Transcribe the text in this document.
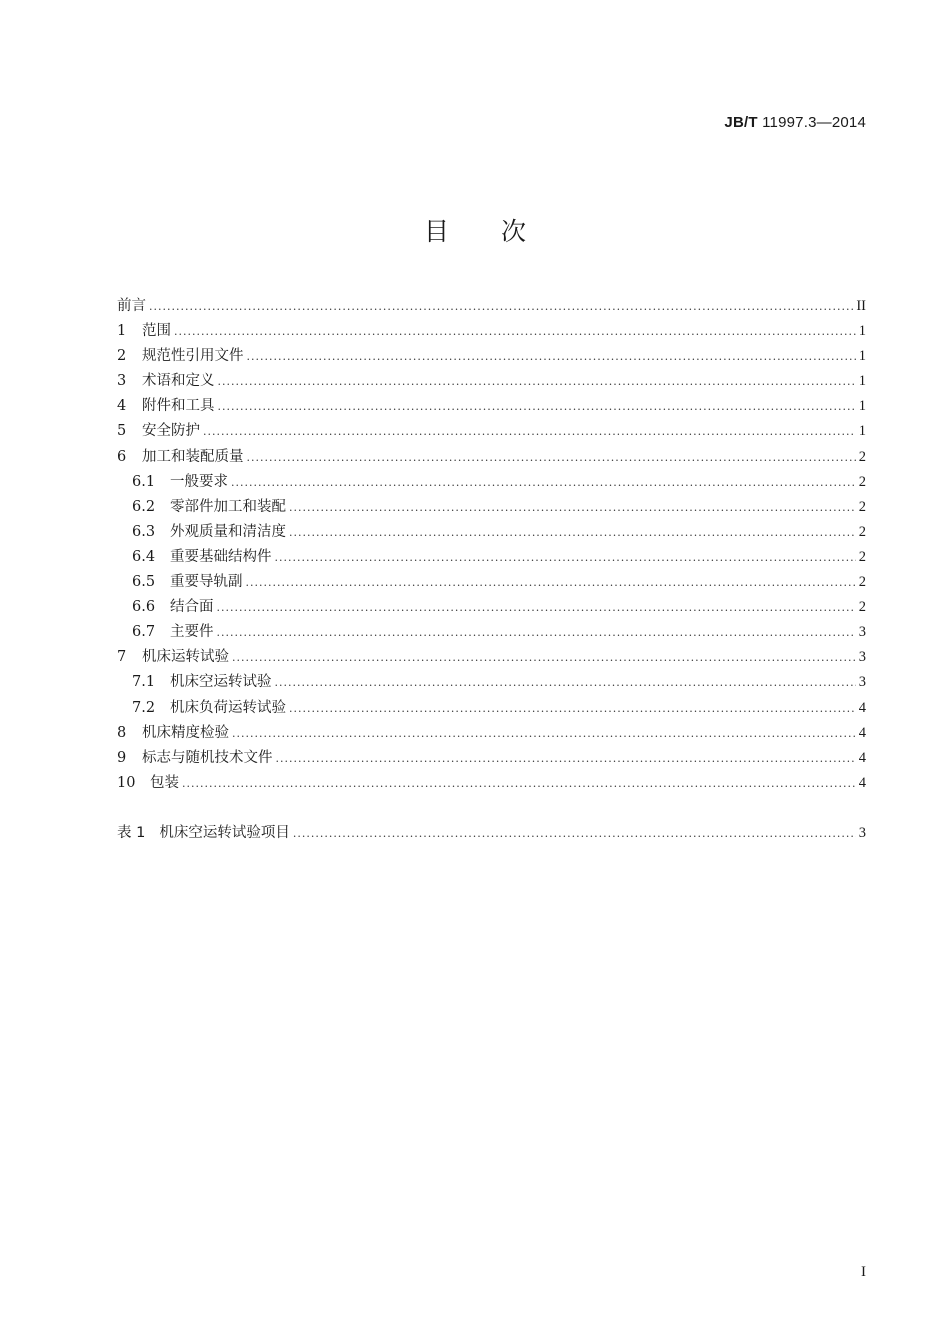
JB/T 11997.3—2014
目次
前言 .....	II
1	范围 .....	1
2	规范性引用文件 .....	1
3	术语和定义 .....	1
4	附件和工具 .....	1
5	安全防护 .....	1
6	加工和装配质量 .....	2
6.1	一般要求 .....	2
6.2	零部件加工和装配 .....	2
6.3	外观质量和清洁度 .....	2
6.4	重要基础结构件 .....	2
6.5	重要导轨副 .....	2
6.6	结合面 .....	2
6.7	主要件 .....	3
7	机床运转试验 .....	3
7.1	机床空运转试验 .....	3
7.2	机床负荷运转试验 .....	4
8	机床精度检验 .....	4
9	标志与随机技术文件 .....	4
10	包装 .....	4
表 1 机床空运转试验项目 .....	3
I
